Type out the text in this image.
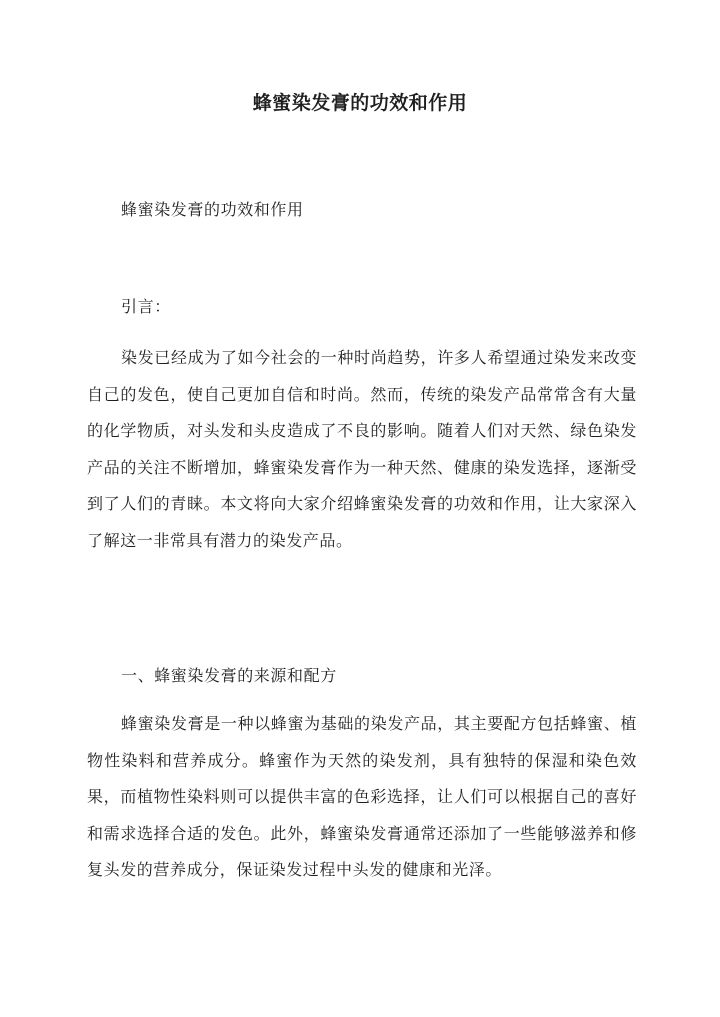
蜂蜜染发膏的功效和作用

蜂蜜染发膏的功效和作用

引言：

染发已经成为了如今社会的一种时尚趋势，许多人希望通过染发来改变自己的发色，使自己更加自信和时尚。然而，传统的染发产品常常含有大量的化学物质，对头发和头皮造成了不良的影响。随着人们对天然、绿色染发产品的关注不断增加，蜂蜜染发膏作为一种天然、健康的染发选择，逐渐受到了人们的青睐。本文将向大家介绍蜂蜜染发膏的功效和作用，让大家深入了解这一非常具有潜力的染发产品。

一、蜂蜜染发膏的来源和配方

蜂蜜染发膏是一种以蜂蜜为基础的染发产品，其主要配方包括蜂蜜、植物性染料和营养成分。蜂蜜作为天然的染发剂，具有独特的保湿和染色效果，而植物性染料则可以提供丰富的色彩选择，让人们可以根据自己的喜好和需求选择合适的发色。此外，蜂蜜染发膏通常还添加了一些能够滋养和修复头发的营养成分，保证染发过程中头发的健康和光泽。
